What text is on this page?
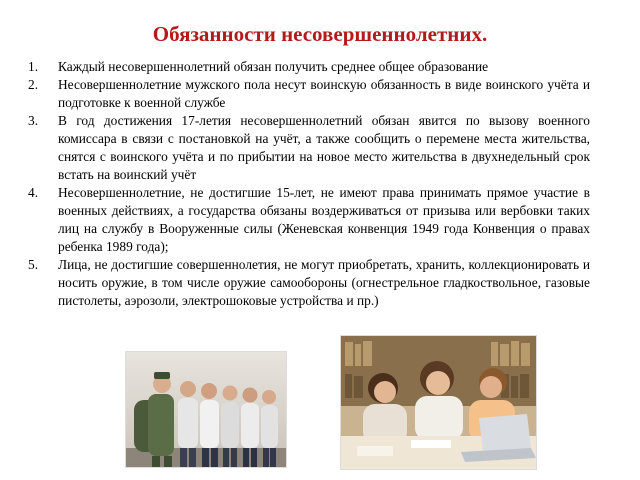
Обязанности несовершеннолетних.
1. Каждый несовершеннолетний обязан получить среднее общее образование
2. Несовершеннолетние мужского пола несут воинскую обязанность в виде воинского учёта и подготовке к военной службе
3. В год достижения 17-летия несовершеннолетний обязан явится по вызову военного комиссара в связи с постановкой на учёт, а также сообщить о перемене места жительства, снятся с воинского учёта и по прибытии на новое место жительства в двухнедельный срок встать на воинский учёт
4. Несовершеннолетние, не достигшие 15-лет, не имеют права принимать прямое участие в военных действиях, а государства обязаны воздерживаться от призыва или вербовки таких лиц на службу в Вооруженные силы (Женевская конвенция 1949 года Конвенция о правах ребенка 1989 года);
5. Лица, не достигшие совершеннолетия, не могут приобретать, хранить, коллекционировать и носить оружие, в том числе оружие самообороны (огнестрельное гладкоствольное, газовые пистолеты, аэрозоли, электрошоковые устройства и пр.)
